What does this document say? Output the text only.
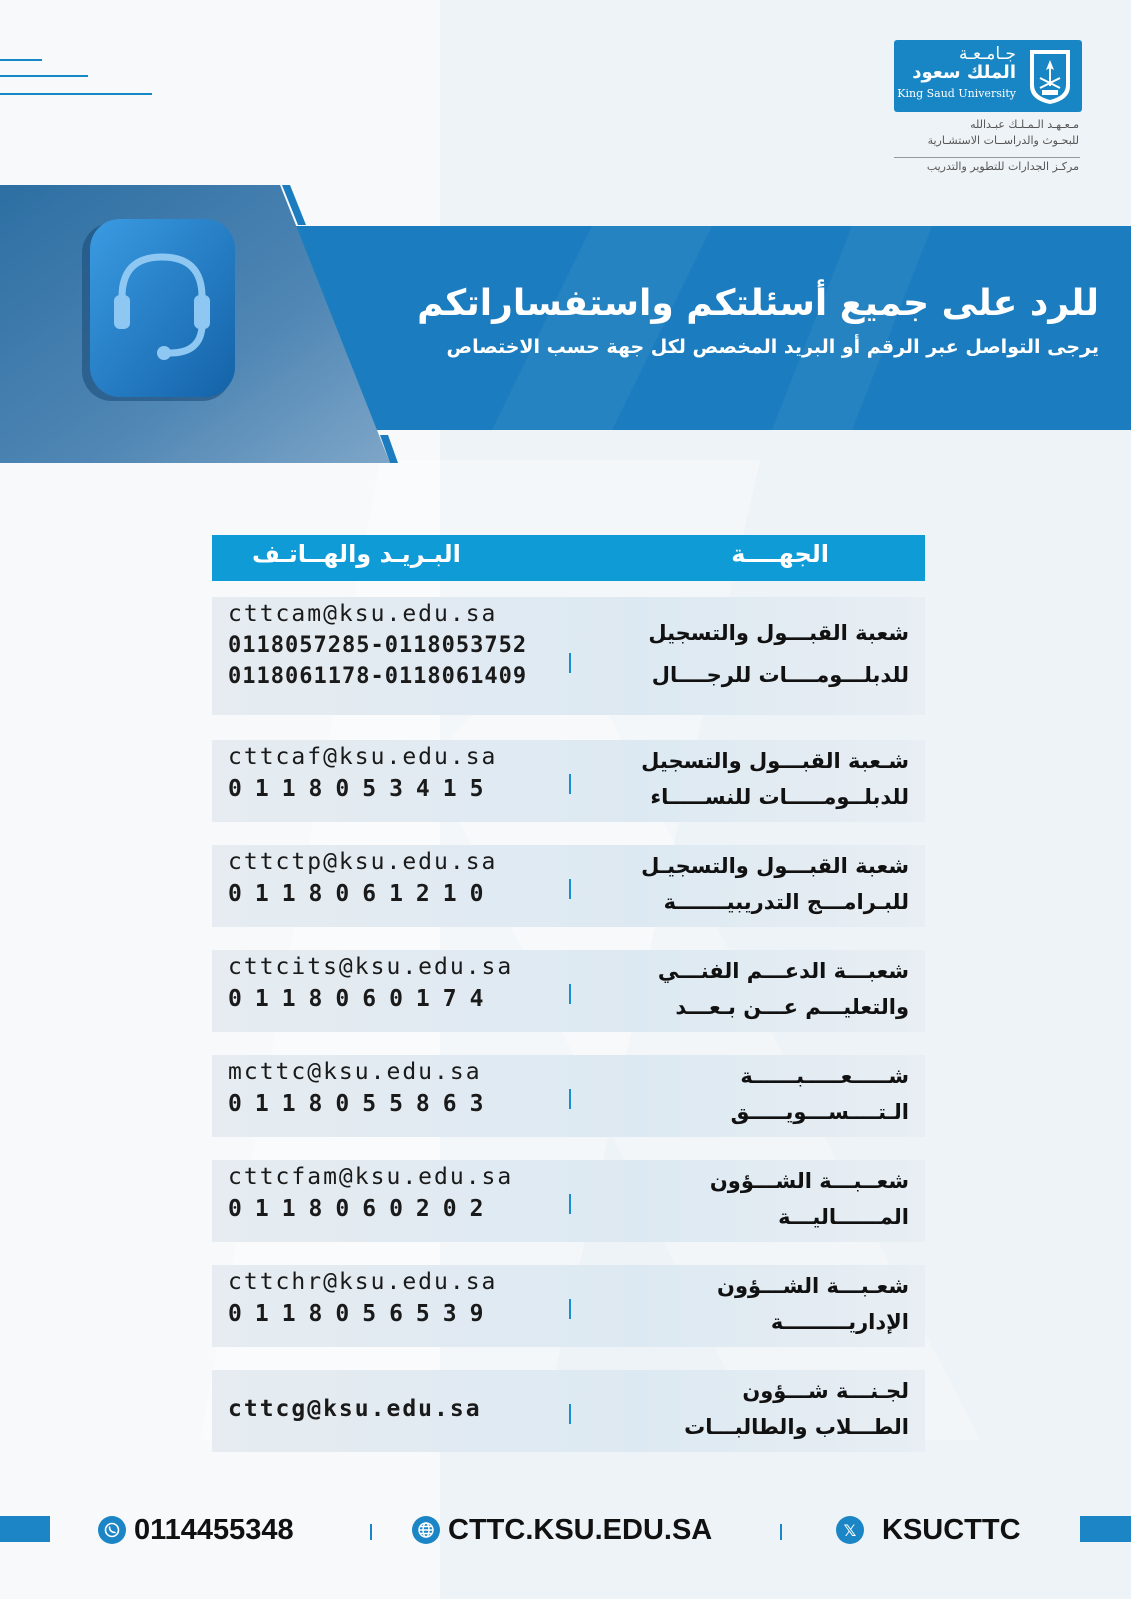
جـامـعـة
الملك سعود
King Saud University
مـعـهـد الـمـلـك عبـدالله
للبحـوث والدراســات الاستشـارية
مركـز الجدارات للتطوير والتدريب
للرد على جميع أسئلتكم واستفساراتكم
يرجى التواصل عبر الرقم أو البريد المخصص لكل جهة حسب الاختصاص
الجهــــة
البـريـد والهــاتـف
شعبة القبـــول والتسجيل
للدبلـــومــــات للرجــــال
cttcam@ksu.edu.sa
0118057285-0118053752
0118061178-0118061409
شـعبة القبـــول والتسجيل
للدبلــومـــــات للنســـــاء
cttcaf@ksu.edu.sa
0118053415
شعبة القبـــول والتسجيـل
للبـرامـــج التدريبيـــــــة
cttctp@ksu.edu.sa
0118061210
شعبـــة الدعـــم الفنـــي
والتعليـــم عـــن بـعـــد
cttcits@ksu.edu.sa
0118060174
شـــــعـــــبــــــة
الـتــــســـويـــــق
mcttc@ksu.edu.sa
0118055863
شعــبـــة الشـــؤون
المــــــاليـــة
cttcfam@ksu.edu.sa
0118060202
شعـبـــة الشـــؤون
الإداريـــــــــة
cttchr@ksu.edu.sa
0118056539
لجـنـــة شـــؤون
الطـــلاب والطالبـــات
cttcg@ksu.edu.sa
0114455348	CTTC.KSU.EDU.SA	𝕏 KSUCTTC
